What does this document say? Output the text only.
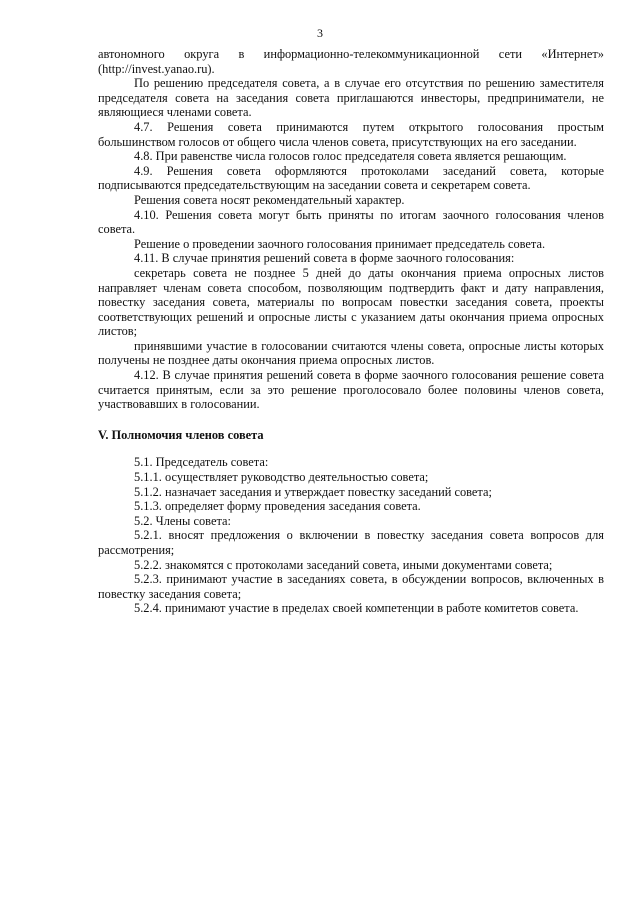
3

автономного округа в информационно-телекоммуникационной сети «Интернет» (http://invest.yanao.ru).

По решению председателя совета, а в случае его отсутствия по решению заместителя председателя совета на заседания совета приглашаются инвесторы, предприниматели, не являющиеся членами совета.

4.7. Решения совета принимаются путем открытого голосования простым большинством голосов от общего числа членов совета, присутствующих на его заседании.

4.8. При равенстве числа голосов голос председателя совета является решающим.

4.9. Решения совета оформляются протоколами заседаний совета, которые подписываются председательствующим на заседании совета и секретарем совета.

Решения совета носят рекомендательный характер.

4.10. Решения совета могут быть приняты по итогам заочного голосования членов совета.

Решение о проведении заочного голосования принимает председатель совета.

4.11. В случае принятия решений совета в форме заочного голосования:

секретарь совета не позднее 5 дней до даты окончания приема опросных листов направляет членам совета способом, позволяющим подтвердить факт и дату направления, повестку заседания совета, материалы по вопросам повестки заседания совета, проекты соответствующих решений и опросные листы с указанием даты окончания приема опросных листов;

принявшими участие в голосовании считаются члены совета, опросные листы которых получены не позднее даты окончания приема опросных листов.

4.12. В случае принятия решений совета в форме заочного голосования решение совета считается принятым, если за это решение проголосовало более половины членов совета, участвовавших в голосовании.

V. Полномочия членов совета

5.1. Председатель совета:

5.1.1. осуществляет руководство деятельностью совета;

5.1.2. назначает заседания и утверждает повестку заседаний совета;

5.1.3. определяет форму проведения заседания совета.

5.2. Члены совета:

5.2.1. вносят предложения о включении в повестку заседания совета вопросов для рассмотрения;

5.2.2. знакомятся с протоколами заседаний совета, иными документами совета;

5.2.3. принимают участие в заседаниях совета, в обсуждении вопросов, включенных в повестку заседания совета;

5.2.4. принимают участие в пределах своей компетенции в работе комитетов совета.
